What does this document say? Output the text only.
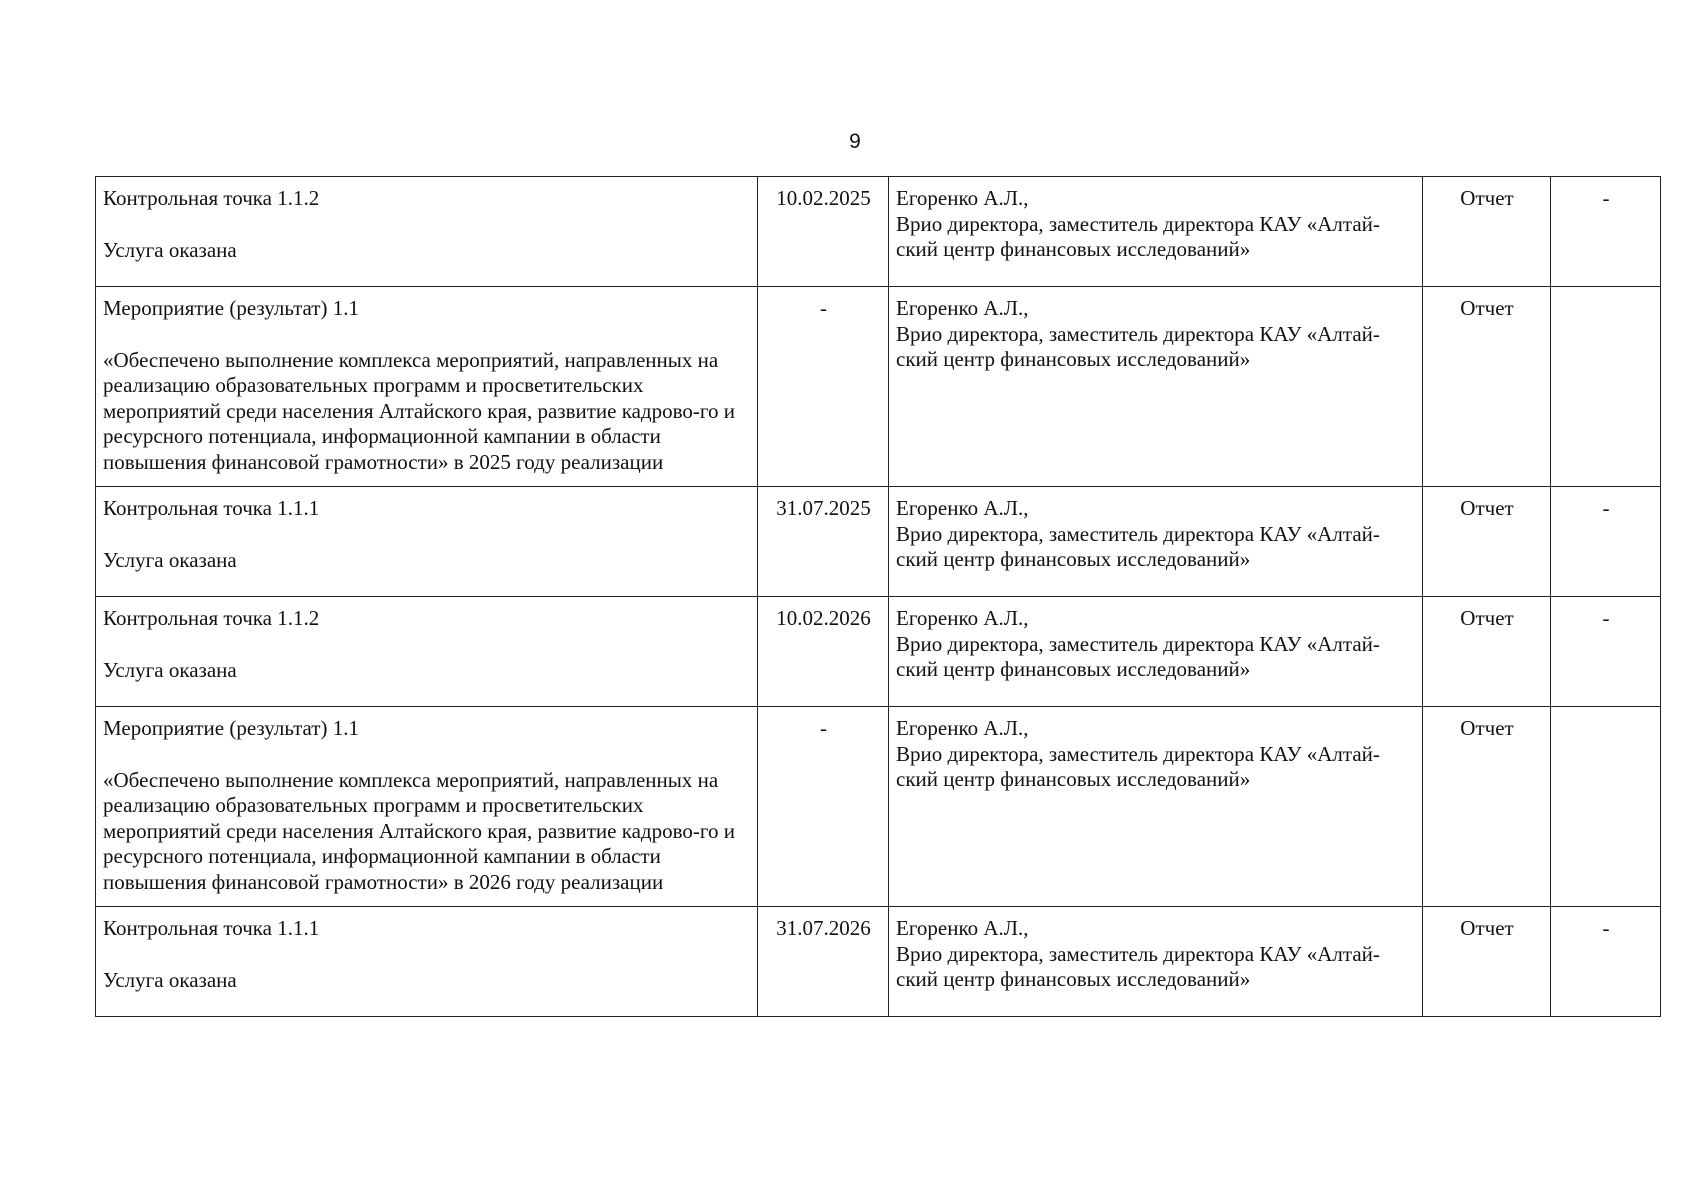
9
Контрольная точка 1.1.2
Услуга оказана	10.02.2025	Егоренко А.Л.,
Врио директора, заместитель директора КАУ «Алтай-ский центр финансовых исследований»	Отчет	-

Мероприятие (результат) 1.1
«Обеспечено выполнение комплекса мероприятий, направленных на реализацию образовательных программ и просветительских мероприятий среди населения Алтайского края, развитие кадрово-го и ресурсного потенциала, информационной кампании в области повышения финансовой грамотности» в 2025 году реализации	-	Егоренко А.Л.,
Врио директора, заместитель директора КАУ «Алтай-ский центр финансовых исследований»	Отчет	

Контрольная точка 1.1.1
Услуга оказана	31.07.2025	Егоренко А.Л.,
Врио директора, заместитель директора КАУ «Алтай-ский центр финансовых исследований»	Отчет	-

Контрольная точка 1.1.2
Услуга оказана	10.02.2026	Егоренко А.Л.,
Врио директора, заместитель директора КАУ «Алтай-ский центр финансовых исследований»	Отчет	-

Мероприятие (результат) 1.1
«Обеспечено выполнение комплекса мероприятий, направленных на реализацию образовательных программ и просветительских мероприятий среди населения Алтайского края, развитие кадрово-го и ресурсного потенциала, информационной кампании в области повышения финансовой грамотности» в 2026 году реализации	-	Егоренко А.Л.,
Врио директора, заместитель директора КАУ «Алтай-ский центр финансовых исследований»	Отчет	

Контрольная точка 1.1.1
Услуга оказана	31.07.2026	Егоренко А.Л.,
Врио директора, заместитель директора КАУ «Алтай-ский центр финансовых исследований»	Отчет	-
